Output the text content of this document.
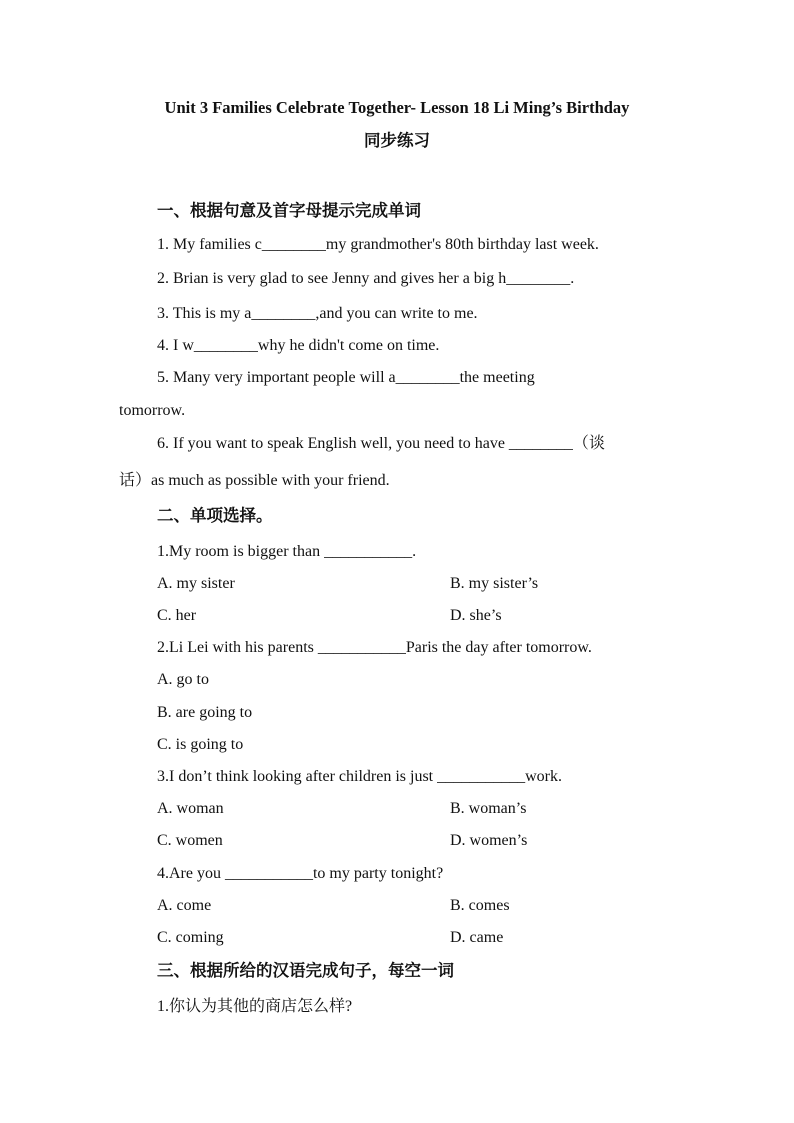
Unit 3 Families Celebrate Together- Lesson 18 Li Ming’s Birthday
同步练习
一、根据句意及首字母提示完成单词
1. My families c________my grandmother's 80th birthday last week.
2. Brian is very glad to see Jenny and gives her a big h________.
3. This is my a________,and you can write to me.
4. I w________why he didn't come on time.
5. Many very important people will a________the meeting
tomorrow.
6. If you want to speak English well, you need to have ________（谈
话）as much as possible with your friend.
二、单项选择。
1.My room is bigger than ___________.
A. my sister	B. my sister’s
C. her	D. she’s
2.Li Lei with his parents ___________Paris the day after tomorrow.
A. go to
B. are going to
C. is going to
3.I don’t think looking after children is just ___________work.
A. woman	B. woman’s
C. women	D. women’s
4.Are you ___________to my party tonight?
A. come	B. comes
C. coming	D. came
三、根据所给的汉语完成句子，每空一词
1.你认为其他的商店怎么样?
